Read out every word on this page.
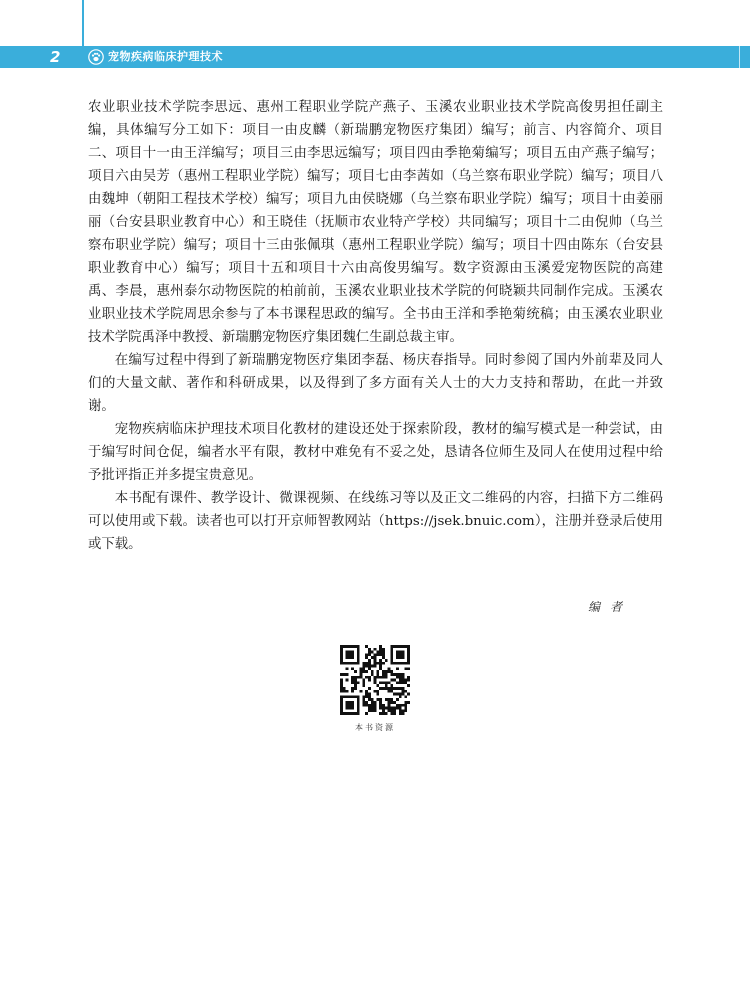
2	宠物疾病临床护理技术

农业职业技术学院李思远、惠州工程职业学院产燕子、玉溪农业职业技术学院高俊男担任副主编，具体编写分工如下：项目一由皮麟（新瑞鹏宠物医疗集团）编写；前言、内容简介、项目二、项目十一由王洋编写；项目三由李思远编写；项目四由季艳菊编写；项目五由产燕子编写；项目六由吴芳（惠州工程职业学院）编写；项目七由李茜如（乌兰察布职业学院）编写；项目八由魏坤（朝阳工程技术学校）编写；项目九由侯晓娜（乌兰察布职业学院）编写；项目十由姜丽丽（台安县职业教育中心）和王晓佳（抚顺市农业特产学校）共同编写；项目十二由倪帅（乌兰察布职业学院）编写；项目十三由张佩琪（惠州工程职业学院）编写；项目十四由陈东（台安县职业教育中心）编写；项目十五和项目十六由高俊男编写。数字资源由玉溪爱宠物医院的高建禹、李晨，惠州泰尔动物医院的柏前前，玉溪农业职业技术学院的何晓颖共同制作完成。玉溪农业职业技术学院周思余参与了本书课程思政的编写。全书由王洋和季艳菊统稿；由玉溪农业职业技术学院禹泽中教授、新瑞鹏宠物医疗集团魏仁生副总裁主审。

在编写过程中得到了新瑞鹏宠物医疗集团李磊、杨庆春指导。同时参阅了国内外前辈及同人们的大量文献、著作和科研成果，以及得到了多方面有关人士的大力支持和帮助，在此一并致谢。

宠物疾病临床护理技术项目化教材的建设还处于探索阶段，教材的编写模式是一种尝试，由于编写时间仓促，编者水平有限，教材中难免有不妥之处，恳请各位师生及同人在使用过程中给予批评指正并多提宝贵意见。

本书配有课件、教学设计、微课视频、在线练习等以及正文二维码的内容，扫描下方二维码可以使用或下载。读者也可以打开京师智教网站（https://jsek.bnuic.com），注册并登录后使用或下载。

编者
本书资源
